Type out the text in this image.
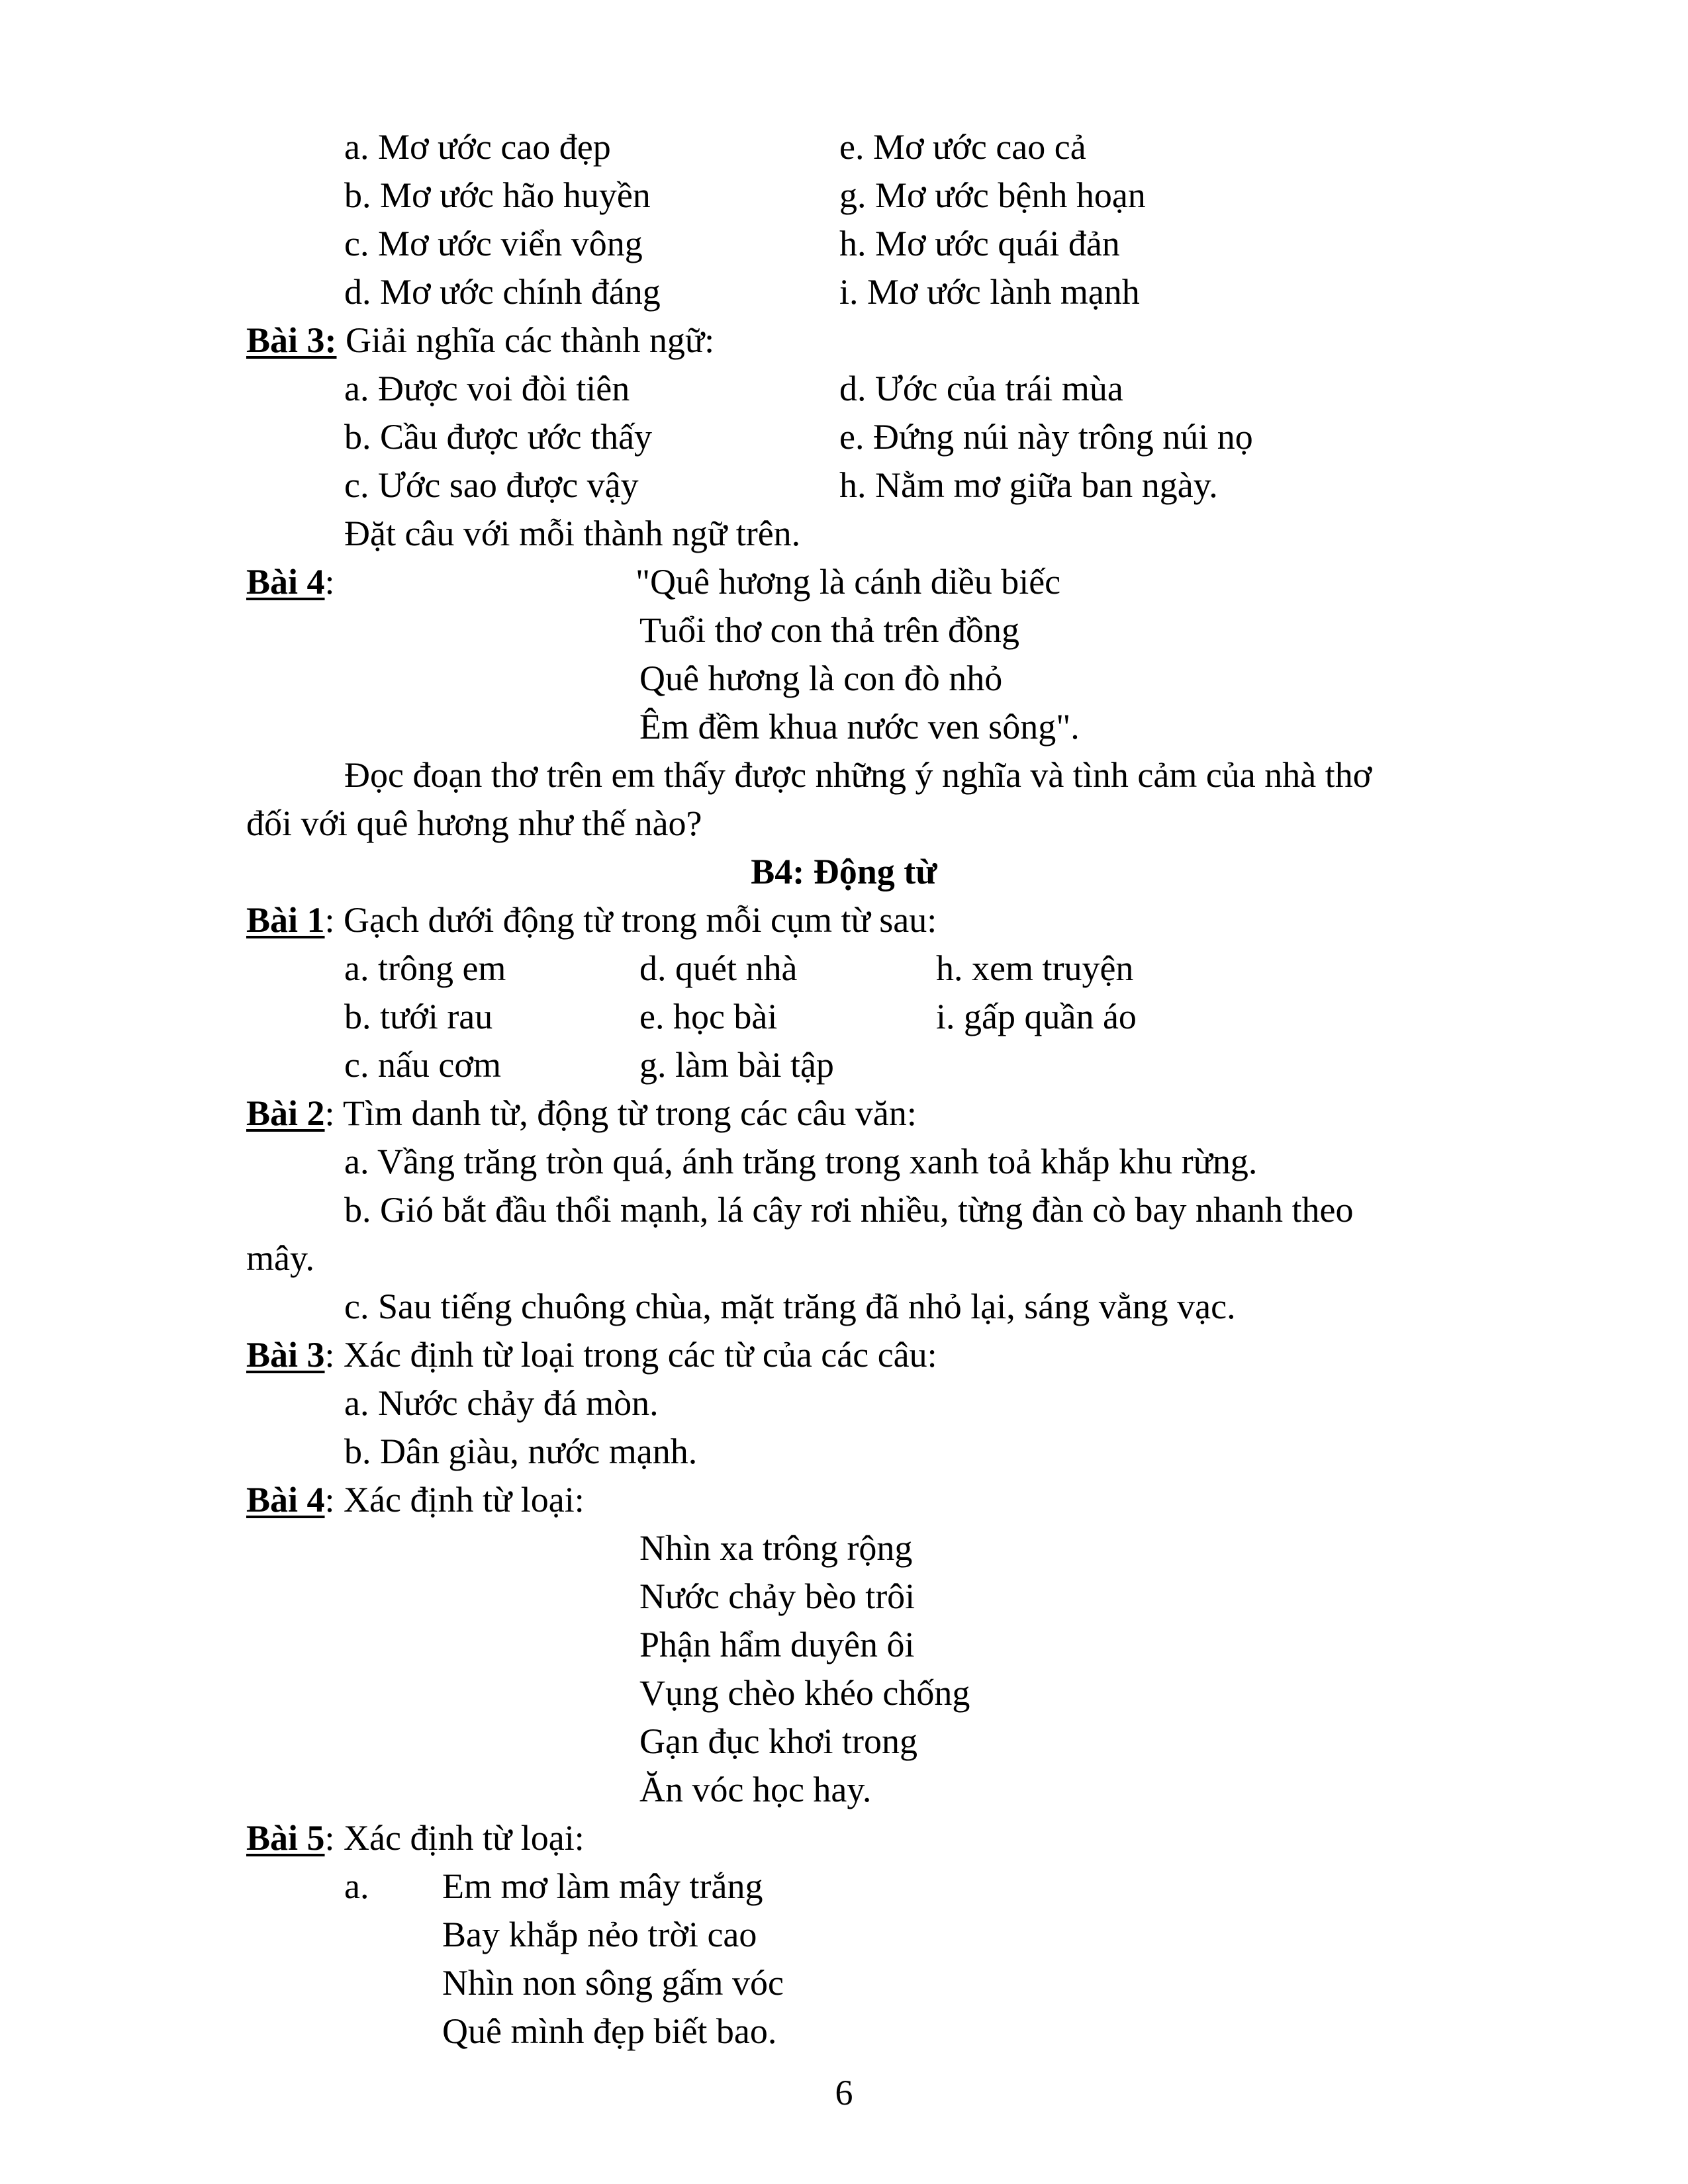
a. Mơ ước cao đẹp	e. Mơ ước cao cả
b. Mơ ước hão huyền	g. Mơ ước bệnh hoạn
c. Mơ ước viển vông	h. Mơ ước quái đản
d. Mơ ước chính đáng	i. Mơ ước lành mạnh
Bài 3: Giải nghĩa các thành ngữ:
a. Được voi đòi tiên	d. Ước của trái mùa
b. Cầu được ước thấy	e. Đứng núi này trông núi nọ
c. Ước sao được vậy	h. Nằm mơ giữa ban ngày.
Đặt câu với mỗi thành ngữ trên.
Bài 4:	"Quê hương là cánh diều biếc
Tuổi thơ con thả trên đồng
Quê hương là con đò nhỏ
Êm đềm khua nước ven sông".
Đọc đoạn thơ trên em thấy được những ý nghĩa và tình cảm của nhà thơ
đối với quê hương như thế nào?
B4: Động từ
Bài 1: Gạch dưới động từ trong mỗi cụm từ sau:
a. trông em	d. quét nhà	h. xem truyện
b. tưới rau	e. học bài	i. gấp quần áo
c. nấu cơm	g. làm bài tập
Bài 2: Tìm danh từ, động từ trong các câu văn:
a. Vầng trăng tròn quá, ánh trăng trong xanh toả khắp khu rừng.
b. Gió bắt đầu thổi mạnh, lá cây rơi nhiều, từng đàn cò bay nhanh theo
mây.
c. Sau tiếng chuông chùa, mặt trăng đã nhỏ lại, sáng vằng vạc.
Bài 3: Xác định từ loại trong các từ của các câu:
a. Nước chảy đá mòn.
b. Dân giàu, nước mạnh.
Bài 4: Xác định từ loại:
Nhìn xa trông rộng
Nước chảy bèo trôi
Phận hẩm duyên ôi
Vụng chèo khéo chống
Gạn đục khơi trong
Ăn vóc học hay.
Bài 5: Xác định từ loại:
a. Em mơ làm mây trắng
Bay khắp nẻo trời cao
Nhìn non sông gấm vóc
Quê mình đẹp biết bao.
6
